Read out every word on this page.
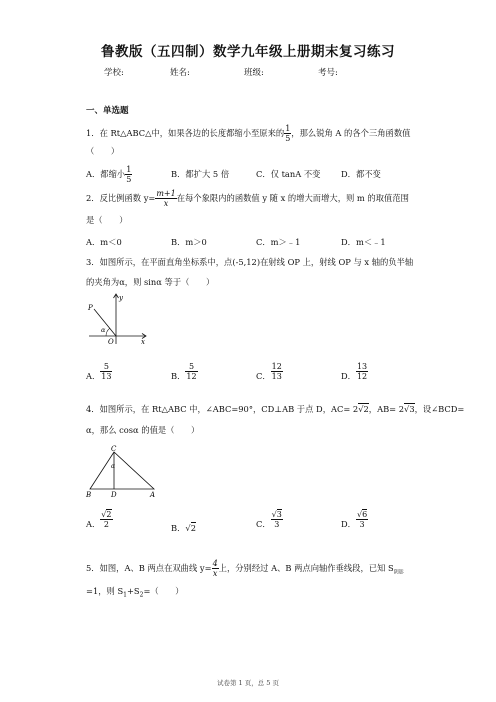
鲁教版（五四制）数学九年级上册期末复习练习
学校:	姓名:	班级:	考号:
一、单选题
1．在 Rt△ABC△中，如果各边的长度都缩小至原来的 $\frac{1}{5}$ ，那么锐角 A 的各个三角函数值
（　　）
A．都缩小 $\frac{1}{5}$	B．都扩大 5 倍	C．仅 tanA 不变 D．都不变
2．反比例函数 $y= \frac{m+1}{x}$ 在每个象限内的函数值 y 随 x 的增大而增大，则 m 的取值范围
是（　　）
A．m＜0	B．m＞0	C．m＞﹣1	D．m＜﹣1
3．如图所示，在平面直角坐标系中，点(-5,12)在射线 OP 上，射线 OP 与 x 轴的负半轴
的夹角为α，则 sinα 等于（　　）
P
y
α
O	x
A． $\frac{5}{13}$	B． $\frac{5}{12}$	C． $\frac{12}{13}$	D． $\frac{13}{12}$
4．如图所示，在 Rt△ABC 中，∠ABC=90°，CD⊥AB 于点 D，AC= 2√2，AB= 2√3，设∠BCD=
α，那么 cosα 的值是（　　）
C
α
B	D	A
A． $\frac{√2}{2}$	B．√2	C． $\frac{√3}{3}$	D． $\frac{√6}{3}$
5．如图，A、B 两点在双曲线 $y= \frac{4}{x}$ 上，分别经过 A、B 两点向轴作垂线段，已知 $S_{阴影}$
=1，则 $S_1+S_2=$（　　）
试卷第 1 页，总 5 页
